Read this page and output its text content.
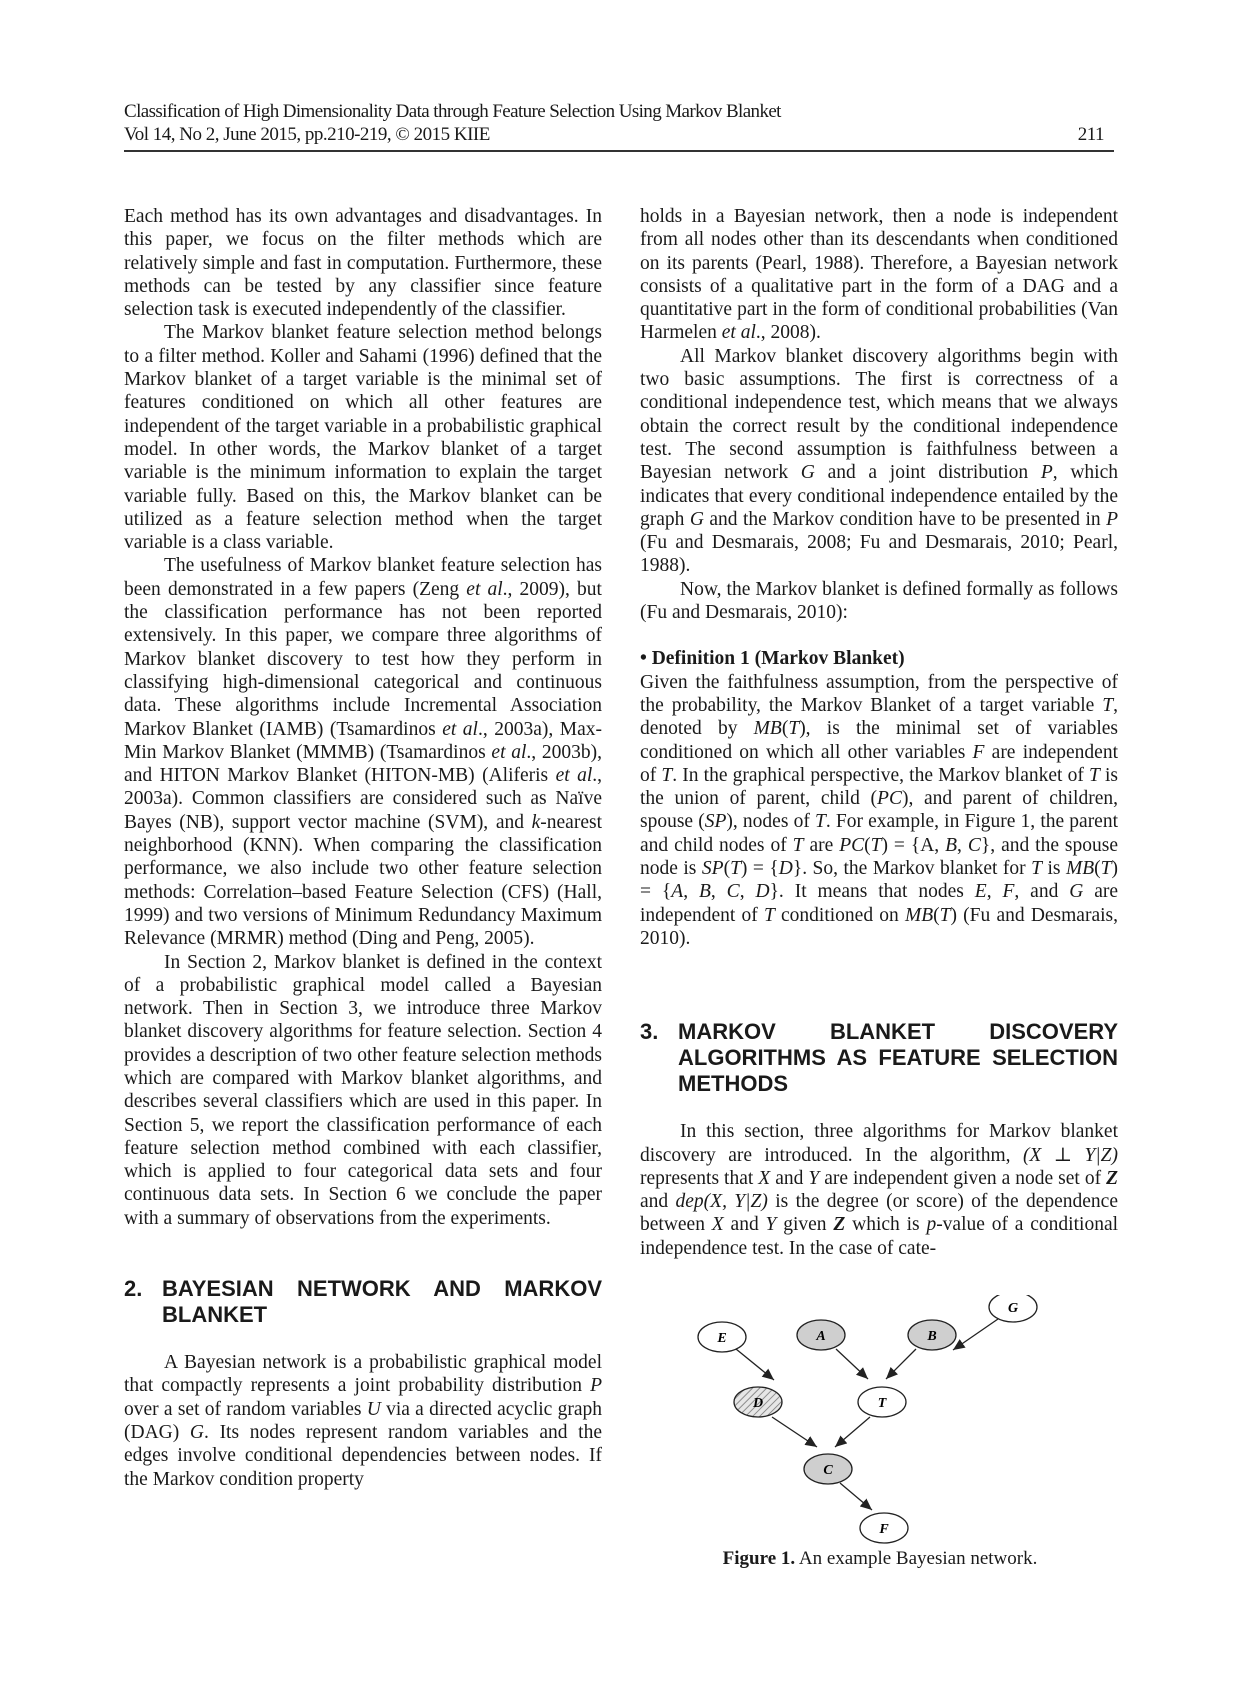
Classification of High Dimensionality Data through Feature Selection Using Markov Blanket
Vol 14, No 2, June 2015, pp.210-219, © 2015 KIIE	211

Each method has its own advantages and disadvantages. In this paper, we focus on the filter methods which are relatively simple and fast in computation. Furthermore, these methods can be tested by any classifier since feature selection task is executed independently of the classifier.

The Markov blanket feature selection method belongs to a filter method. Koller and Sahami (1996) defined that the Markov blanket of a target variable is the minimal set of features conditioned on which all other features are independent of the target variable in a probabilistic graphical model. In other words, the Markov blanket of a target variable is the minimum information to explain the target variable fully. Based on this, the Markov blanket can be utilized as a feature selection method when the target variable is a class variable.

The usefulness of Markov blanket feature selection has been demonstrated in a few papers (Zeng et al., 2009), but the classification performance has not been reported extensively. In this paper, we compare three algorithms of Markov blanket discovery to test how they perform in classifying high-dimensional categorical and continuous data. These algorithms include Incremental Association Markov Blanket (IAMB) (Tsamardinos et al., 2003a), Max-Min Markov Blanket (MMMB) (Tsamardinos et al., 2003b), and HITON Markov Blanket (HITON-MB) (Aliferis et al., 2003a). Common classifiers are considered such as Naïve Bayes (NB), support vector machine (SVM), and k-nearest neighborhood (KNN). When comparing the classification performance, we also include two other feature selection methods: Correlation–based Feature Selection (CFS) (Hall, 1999) and two versions of Minimum Redundancy Maximum Relevance (MRMR) method (Ding and Peng, 2005).

In Section 2, Markov blanket is defined in the context of a probabilistic graphical model called a Bayesian network. Then in Section 3, we introduce three Markov blanket discovery algorithms for feature selection. Section 4 provides a description of two other feature selection methods which are compared with Markov blanket algorithms, and describes several classifiers which are used in this paper. In Section 5, we report the classification performance of each feature selection method combined with each classifier, which is applied to four categorical data sets and four continuous data sets. In Section 6 we conclude the paper with a summary of observations from the experiments.

2. BAYESIAN NETWORK AND MARKOV BLANKET

A Bayesian network is a probabilistic graphical model that compactly represents a joint probability distribution P over a set of random variables U via a directed acyclic graph (DAG) G. Its nodes represent random variables and the edges involve conditional dependencies between nodes. If the Markov condition property

holds in a Bayesian network, then a node is independent from all nodes other than its descendants when conditioned on its parents (Pearl, 1988). Therefore, a Bayesian network consists of a qualitative part in the form of a DAG and a quantitative part in the form of conditional probabilities (Van Harmelen et al., 2008).

All Markov blanket discovery algorithms begin with two basic assumptions. The first is correctness of a conditional independence test, which means that we always obtain the correct result by the conditional independence test. The second assumption is faithfulness between a Bayesian network G and a joint distribution P, which indicates that every conditional independence entailed by the graph G and the Markov condition have to be presented in P (Fu and Desmarais, 2008; Fu and Desmarais, 2010; Pearl, 1988).

Now, the Markov blanket is defined formally as follows (Fu and Desmarais, 2010):

• Definition 1 (Markov Blanket)

Given the faithfulness assumption, from the perspective of the probability, the Markov Blanket of a target variable T, denoted by MB(T), is the minimal set of variables conditioned on which all other variables F are independent of T. In the graphical perspective, the Markov blanket of T is the union of parent, child (PC), and parent of children, spouse (SP), nodes of T. For example, in Figure 1, the parent and child nodes of T are PC(T) = {A, B, C}, and the spouse node is SP(T) = {D}. So, the Markov blanket for T is MB(T) = {A, B, C, D}. It means that nodes E, F, and G are independent of T conditioned on MB(T) (Fu and Desmarais, 2010).

3. MARKOV BLANKET DISCOVERY ALGORITHMS AS FEATURE SELECTION METHODS

In this section, three algorithms for Markov blanket discovery are introduced. In the algorithm, (X ⊥ Y|Z) represents that X and Y are independent given a node set of Z and dep(X, Y|Z) is the degree (or score) of the dependence between X and Y given Z which is p-value of a conditional independence test. In the case of cate-

G
E	A	B
D	T
C
F
Figure 1. An example Bayesian network.
